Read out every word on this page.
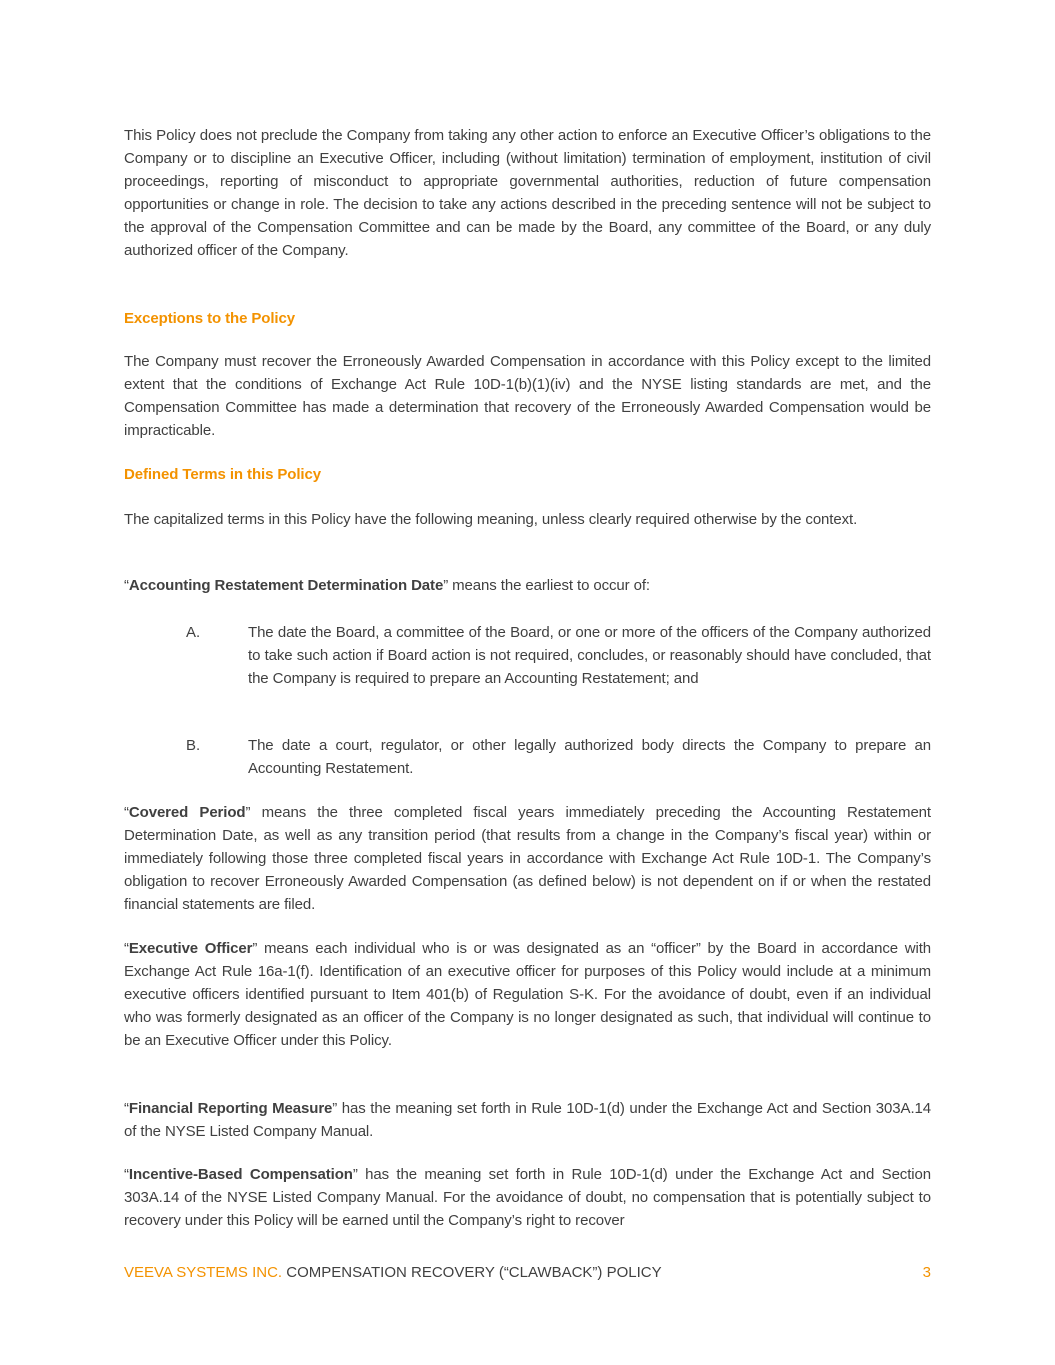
This Policy does not preclude the Company from taking any other action to enforce an Executive Officer’s obligations to the Company or to discipline an Executive Officer, including (without limitation) termination of employment, institution of civil proceedings, reporting of misconduct to appropriate governmental authorities, reduction of future compensation opportunities or change in role. The decision to take any actions described in the preceding sentence will not be subject to the approval of the Compensation Committee and can be made by the Board, any committee of the Board, or any duly authorized officer of the Company.
Exceptions to the Policy
The Company must recover the Erroneously Awarded Compensation in accordance with this Policy except to the limited extent that the conditions of Exchange Act Rule 10D-1(b)(1)(iv) and the NYSE listing standards are met, and the Compensation Committee has made a determination that recovery of the Erroneously Awarded Compensation would be impracticable.
Defined Terms in this Policy
The capitalized terms in this Policy have the following meaning, unless clearly required otherwise by the context.
“Accounting Restatement Determination Date” means the earliest to occur of:
A.	The date the Board, a committee of the Board, or one or more of the officers of the Company authorized to take such action if Board action is not required, concludes, or reasonably should have concluded, that the Company is required to prepare an Accounting Restatement; and
B.	The date a court, regulator, or other legally authorized body directs the Company to prepare an Accounting Restatement.
“Covered Period” means the three completed fiscal years immediately preceding the Accounting Restatement Determination Date, as well as any transition period (that results from a change in the Company’s fiscal year) within or immediately following those three completed fiscal years in accordance with Exchange Act Rule 10D-1. The Company’s obligation to recover Erroneously Awarded Compensation (as defined below) is not dependent on if or when the restated financial statements are filed.
“Executive Officer” means each individual who is or was designated as an “officer” by the Board in accordance with Exchange Act Rule 16a-1(f). Identification of an executive officer for purposes of this Policy would include at a minimum executive officers identified pursuant to Item 401(b) of Regulation S-K. For the avoidance of doubt, even if an individual who was formerly designated as an officer of the Company is no longer designated as such, that individual will continue to be an Executive Officer under this Policy.
“Financial Reporting Measure” has the meaning set forth in Rule 10D-1(d) under the Exchange Act and Section 303A.14 of the NYSE Listed Company Manual.
“Incentive-Based Compensation” has the meaning set forth in Rule 10D-1(d) under the Exchange Act and Section 303A.14 of the NYSE Listed Company Manual. For the avoidance of doubt, no compensation that is potentially subject to recovery under this Policy will be earned until the Company’s right to recover
VEEVA SYSTEMS INC. COMPENSATION RECOVERY (“CLAWBACK”) POLICY	3
